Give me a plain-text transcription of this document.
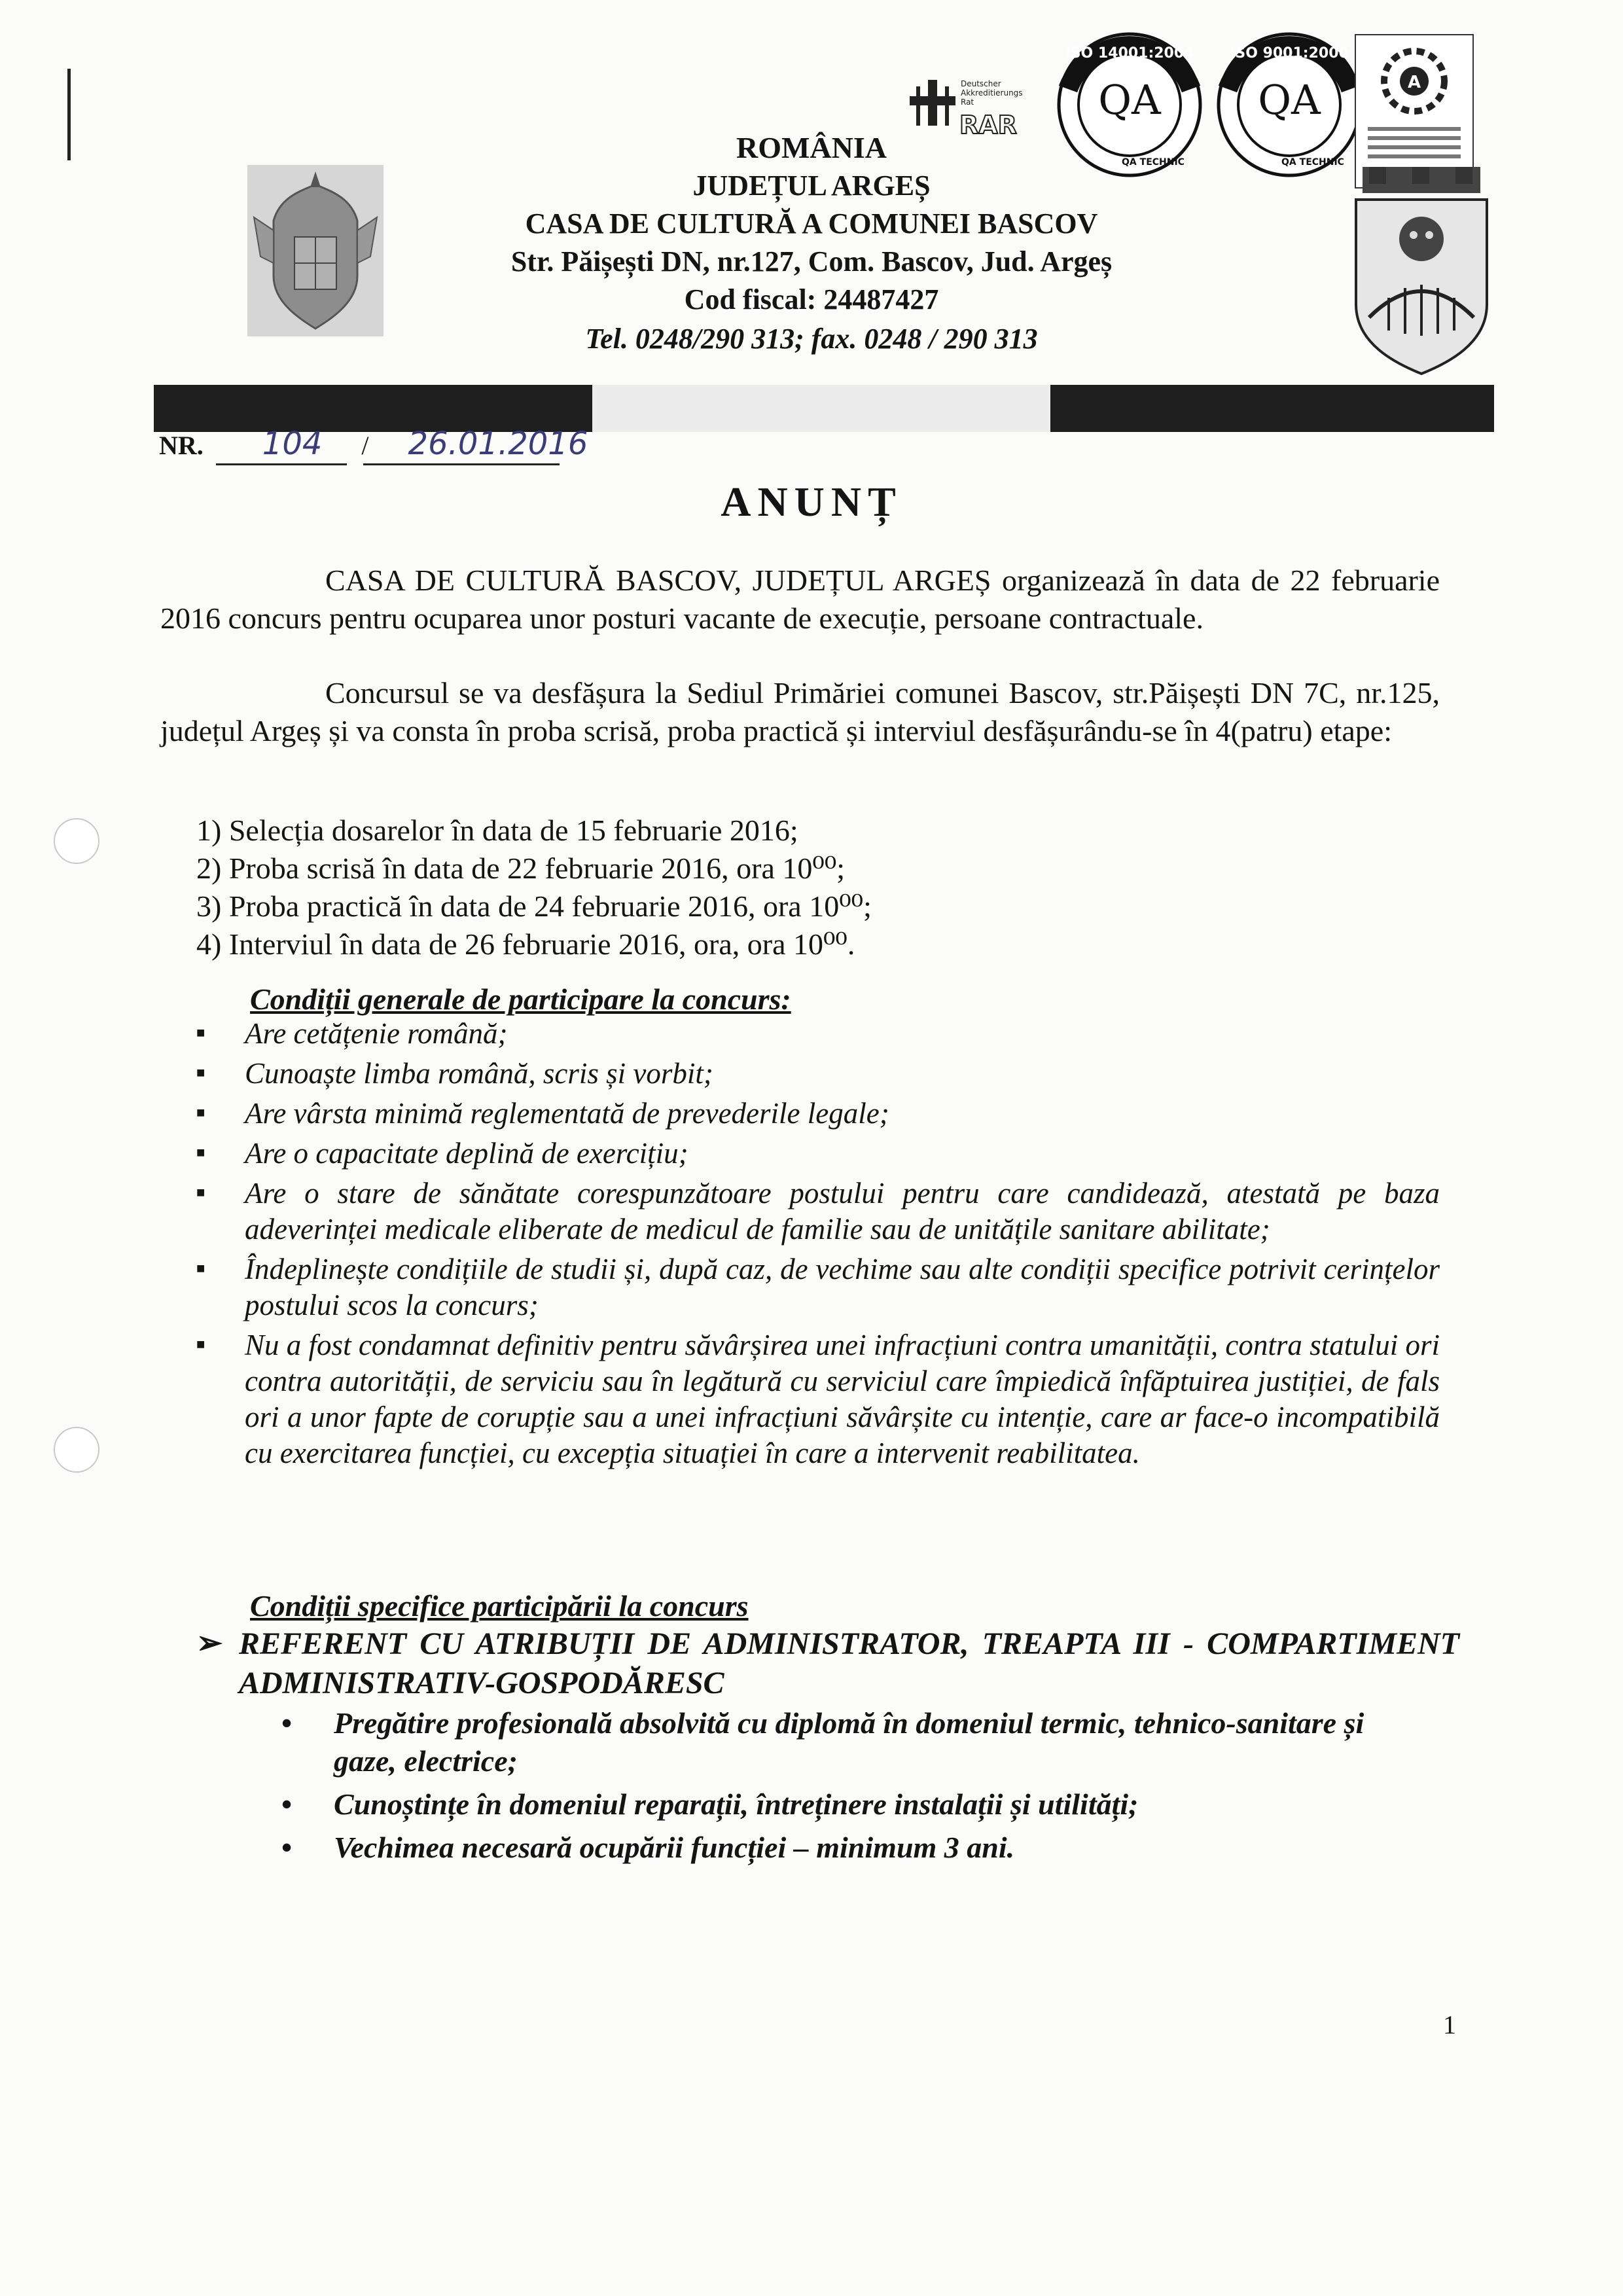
Deutscher
Akkreditierungs
Rat
RAR
ISO 14001:2004
QA
QA TECHNIC
ISO 9001:2000
QA
QA TECHNIC
A
ROMÂNIA
JUDEȚUL ARGEȘ
CASA DE CULTURĂ A COMUNEI BASCOV
Str. Păișești DN, nr.127, Com. Bascov, Jud. Argeș
Cod fiscal: 24487427
Tel. 0248/290 313; fax. 0248 / 290 313
NR. 104 / 26.01.2016
ANUNȚ
CASA DE CULTURĂ BASCOV, JUDEȚUL ARGEȘ organizează în data de 22 februarie 2016 concurs pentru ocuparea unor posturi vacante de execuție, persoane contractuale.
Concursul se va desfășura la Sediul Primăriei comunei Bascov, str.Păișești DN 7C, nr.125, județul Argeș și va consta în proba scrisă, proba practică și interviul desfășurându-se în 4(patru) etape:
1) Selecția dosarelor în data de 15 februarie 2016;
2) Proba scrisă în data de 22 februarie 2016, ora 10⁰⁰;
3) Proba practică în data de 24 februarie 2016, ora 10⁰⁰;
4) Interviul în data de 26 februarie 2016, ora, ora 10⁰⁰.
Condiții generale de participare la concurs:
■ Are cetățenie română;
■ Cunoaște limba română, scris și vorbit;
■ Are vârsta minimă reglementată de prevederile legale;
■ Are o capacitate deplină de exercițiu;
■ Are o stare de sănătate corespunzătoare postului pentru care candidează, atestată pe baza adeverinței medicale eliberate de medicul de familie sau de unitățile sanitare abilitate;
■ Îndeplinește condițiile de studii și, după caz, de vechime sau alte condiții specifice potrivit cerințelor postului scos la concurs;
■ Nu a fost condamnat definitiv pentru săvârșirea unei infracțiuni contra umanității, contra statului ori contra autorității, de serviciu sau în legătură cu serviciul care împiedică înfăptuirea justiției, de fals ori a unor fapte de corupție sau a unei infracțiuni săvârșite cu intenție, care ar face-o incompatibilă cu exercitarea funcției, cu excepția situației în care a intervenit reabilitatea.
Condiții specifice participării la concurs
➢ REFERENT CU ATRIBUȚII DE ADMINISTRATOR, TREAPTA III - COMPARTIMENT ADMINISTRATIV-GOSPODĂRESC
• Pregătire profesională absolvită cu diplomă în domeniul termic, tehnico-sanitare și gaze, electrice;
• Cunoștințe în domeniul reparații, întreținere instalații și utilități;
• Vechimea necesară ocupării funcției – minimum 3 ani.
1
